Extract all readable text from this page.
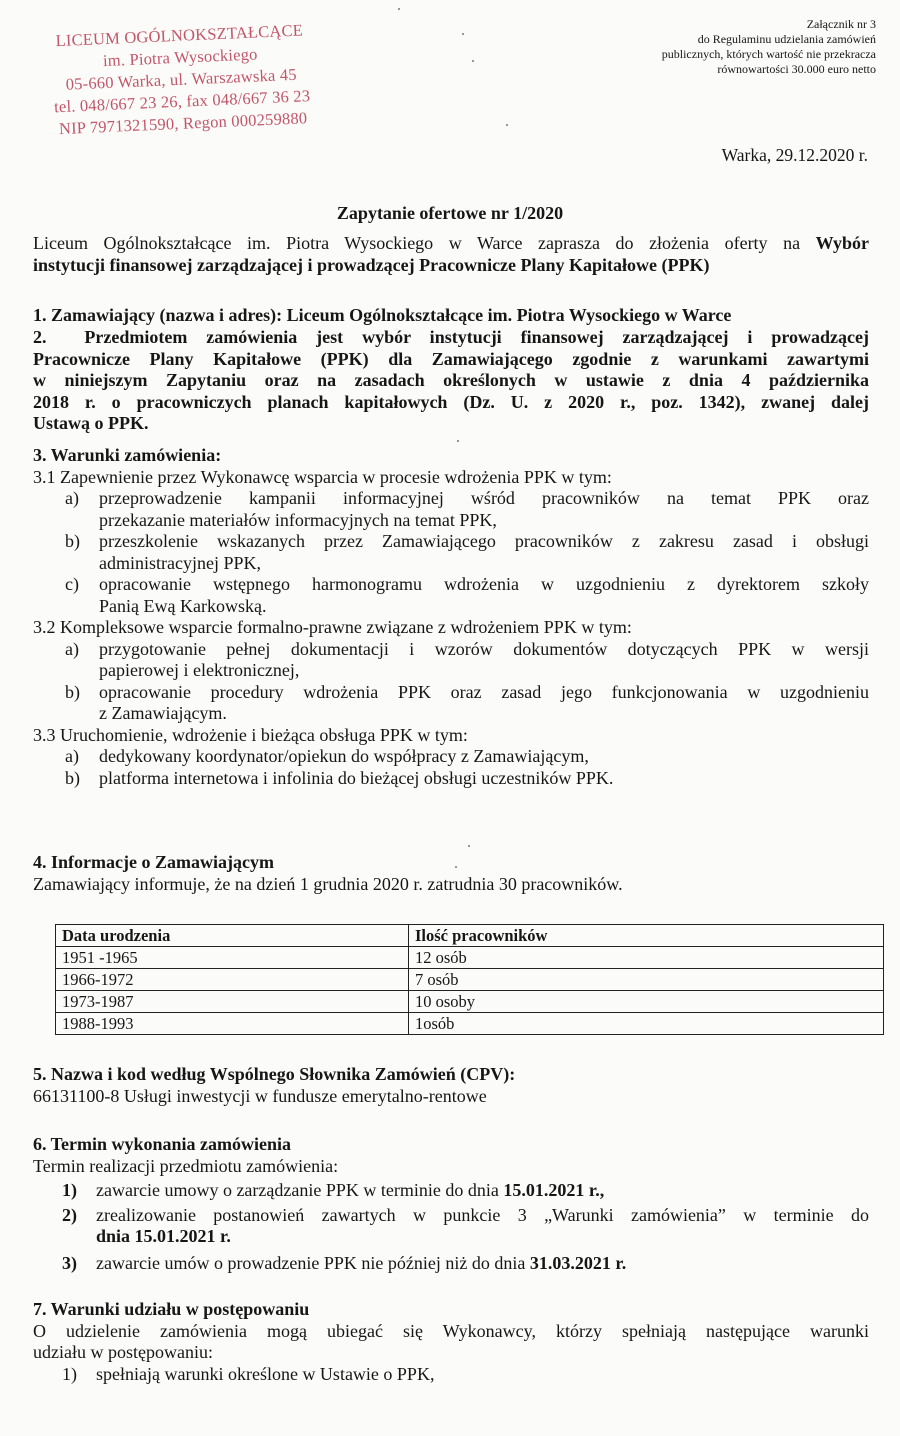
LICEUM OGÓLNOKSZTAŁCĄCE
im. Piotra Wysockiego
05-660 Warka, ul. Warszawska 45
tel. 048/667 23 26, fax 048/667 36 23
NIP 7971321590, Regon 000259880
Załącznik nr 3
do Regulaminu udzielania zamówień
publicznych, których wartość nie przekracza
równowartości 30.000 euro netto
Warka, 29.12.2020 r.
Zapytanie ofertowe nr 1/2020
Liceum Ogólnokształcące im. Piotra Wysockiego w Warce zaprasza do złożenia oferty na Wybór
instytucji finansowej zarządzającej i prowadzącej Pracownicze Plany Kapitałowe (PPK)
1. Zamawiający (nazwa i adres): Liceum Ogólnokształcące im. Piotra Wysockiego w Warce
2. Przedmiotem zamówienia jest wybór instytucji finansowej zarządzającej i prowadzącej
Pracownicze Plany Kapitałowe (PPK) dla Zamawiającego zgodnie z warunkami zawartymi
w niniejszym Zapytaniu oraz na zasadach określonych w ustawie z dnia 4 października
2018 r. o pracowniczych planach kapitałowych (Dz. U. z 2020 r., poz. 1342), zwanej dalej
Ustawą o PPK.
3. Warunki zamówienia:
3.1 Zapewnienie przez Wykonawcę wsparcia w procesie wdrożenia PPK w tym:
a)	przeprowadzenie kampanii informacyjnej wśród pracowników na temat PPK oraz
przekazanie materiałów informacyjnych na temat PPK,
b)	przeszkolenie wskazanych przez Zamawiającego pracowników z zakresu zasad i obsługi
administracyjnej PPK,
c)	opracowanie wstępnego harmonogramu wdrożenia w uzgodnieniu z dyrektorem szkoły
Panią Ewą Karkowską.
3.2 Kompleksowe wsparcie formalno-prawne związane z wdrożeniem PPK w tym:
a)	przygotowanie pełnej dokumentacji i wzorów dokumentów dotyczących PPK w wersji
papierowej i elektronicznej,
b)	opracowanie procedury wdrożenia PPK oraz zasad jego funkcjonowania w uzgodnieniu
z Zamawiającym.
3.3 Uruchomienie, wdrożenie i bieżąca obsługa PPK w tym:
a)	dedykowany koordynator/opiekun do współpracy z Zamawiającym,
b)	platforma internetowa i infolinia do bieżącej obsługi uczestników PPK.
4. Informacje o Zamawiającym
Zamawiający informuje, że na dzień 1 grudnia 2020 r. zatrudnia 30 pracowników.
Data urodzenia	Ilość pracowników
1951 -1965	12 osób
1966-1972	7 osób
1973-1987	10 osoby
1988-1993	1osób
5. Nazwa i kod według Wspólnego Słownika Zamówień (CPV):
66131100-8 Usługi inwestycji w fundusze emerytalno-rentowe
6. Termin wykonania zamówienia
Termin realizacji przedmiotu zamówienia:
1)	zawarcie umowy o zarządzanie PPK w terminie do dnia 15.01.2021 r.,
2)	zrealizowanie postanowień zawartych w punkcie 3 „Warunki zamówienia” w terminie do
dnia 15.01.2021 r.
3)	zawarcie umów o prowadzenie PPK nie później niż do dnia 31.03.2021 r.
7. Warunki udziału w postępowaniu
O udzielenie zamówienia mogą ubiegać się Wykonawcy, którzy spełniają następujące warunki
udziału w postępowaniu:
1)	spełniają warunki określone w Ustawie o PPK,
